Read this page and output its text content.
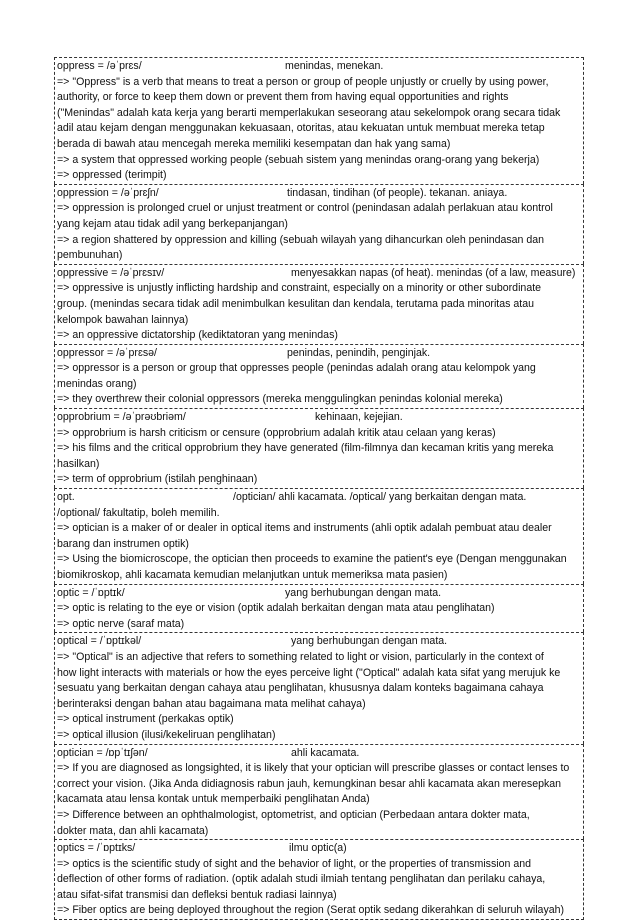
oppress = /əˈprɛs/	menindas, menekan.
=> "Oppress" is a verb that means to treat a person or group of people unjustly or cruelly by using power,
authority, or force to keep them down or prevent them from having equal opportunities and rights
("Menindas" adalah kata kerja yang berarti memperlakukan seseorang atau sekelompok orang secara tidak
adil atau kejam dengan menggunakan kekuasaan, otoritas, atau kekuatan untuk membuat mereka tetap
berada di bawah atau mencegah mereka memiliki kesempatan dan hak yang sama)
=> a system that oppressed working people (sebuah sistem yang menindas orang-orang yang bekerja)
=> oppressed (terimpit)
oppression = /əˈprɛʃn/	tindasan, tindihan (of people). tekanan. aniaya.
=> oppression is prolonged cruel or unjust treatment or control (penindasan adalah perlakuan atau kontrol
yang kejam atau tidak adil yang berkepanjangan)
=> a region shattered by oppression and killing (sebuah wilayah yang dihancurkan oleh penindasan dan
pembunuhan)
oppressive = /əˈprɛsɪv/	menyesakkan napas (of heat). menindas (of a law, measure)
=> oppressive is unjustly inflicting hardship and constraint, especially on a minority or other subordinate
group. (menindas secara tidak adil menimbulkan kesulitan dan kendala, terutama pada minoritas atau
kelompok bawahan lainnya)
=> an oppressive dictatorship (kediktatoran yang menindas)
oppressor = /əˈprɛsə/	penindas, penindih, penginjak.
=> oppressor is a person or group that oppresses people (penindas adalah orang atau kelompok yang
menindas orang)
=> they overthrew their colonial oppressors (mereka menggulingkan penindas kolonial mereka)
opprobrium = /əˈprəʊbriəm/	kehinaan, kejejian.
=> opprobrium is harsh criticism or censure (opprobrium adalah kritik atau celaan yang keras)
=> his films and the critical opprobrium they have generated (film-filmnya dan kecaman kritis yang mereka
hasilkan)
=> term of opprobrium (istilah penghinaan)
opt.	/optician/ ahli kacamata. /optical/ yang berkaitan dengan mata.
/optional/ fakultatip, boleh memilih.
=> optician is a maker of or dealer in optical items and instruments (ahli optik adalah pembuat atau dealer
barang dan instrumen optik)
=> Using the biomicroscope, the optician then proceeds to examine the patient's eye (Dengan menggunakan
biomikroskop, ahli kacamata kemudian melanjutkan untuk memeriksa mata pasien)
optic = /ˈɒptɪk/	yang berhubungan dengan mata.
=> optic is relating to the eye or vision (optik adalah berkaitan dengan mata atau penglihatan)
=> optic nerve (saraf mata)
optical = /ˈɒptɪkəl/	yang berhubungan dengan mata.
=> "Optical" is an adjective that refers to something related to light or vision, particularly in the context of
how light interacts with materials or how the eyes perceive light ("Optical" adalah kata sifat yang merujuk ke
sesuatu yang berkaitan dengan cahaya atau penglihatan, khususnya dalam konteks bagaimana cahaya
berinteraksi dengan bahan atau bagaimana mata melihat cahaya)
=> optical instrument (perkakas optik)
=> optical illusion (ilusi/kekeliruan penglihatan)
optician = /ɒpˈtɪʃən/	ahli kacamata.
=> If you are diagnosed as longsighted, it is likely that your optician will prescribe glasses or contact lenses to
correct your vision. (Jika Anda didiagnosis rabun jauh, kemungkinan besar ahli kacamata akan meresepkan
kacamata atau lensa kontak untuk memperbaiki penglihatan Anda)
=> Difference between an ophthalmologist, optometrist, and optician (Perbedaan antara dokter mata,
dokter mata, dan ahli kacamata)
optics = /ˈɒptɪks/	ilmu optic(a)
=> optics is the scientific study of sight and the behavior of light, or the properties of transmission and
deflection of other forms of radiation. (optik adalah studi ilmiah tentang penglihatan dan perilaku cahaya,
atau sifat-sifat transmisi dan defleksi bentuk radiasi lainnya)
=> Fiber optics are being deployed throughout the region (Serat optik sedang dikerahkan di seluruh wilayah)
